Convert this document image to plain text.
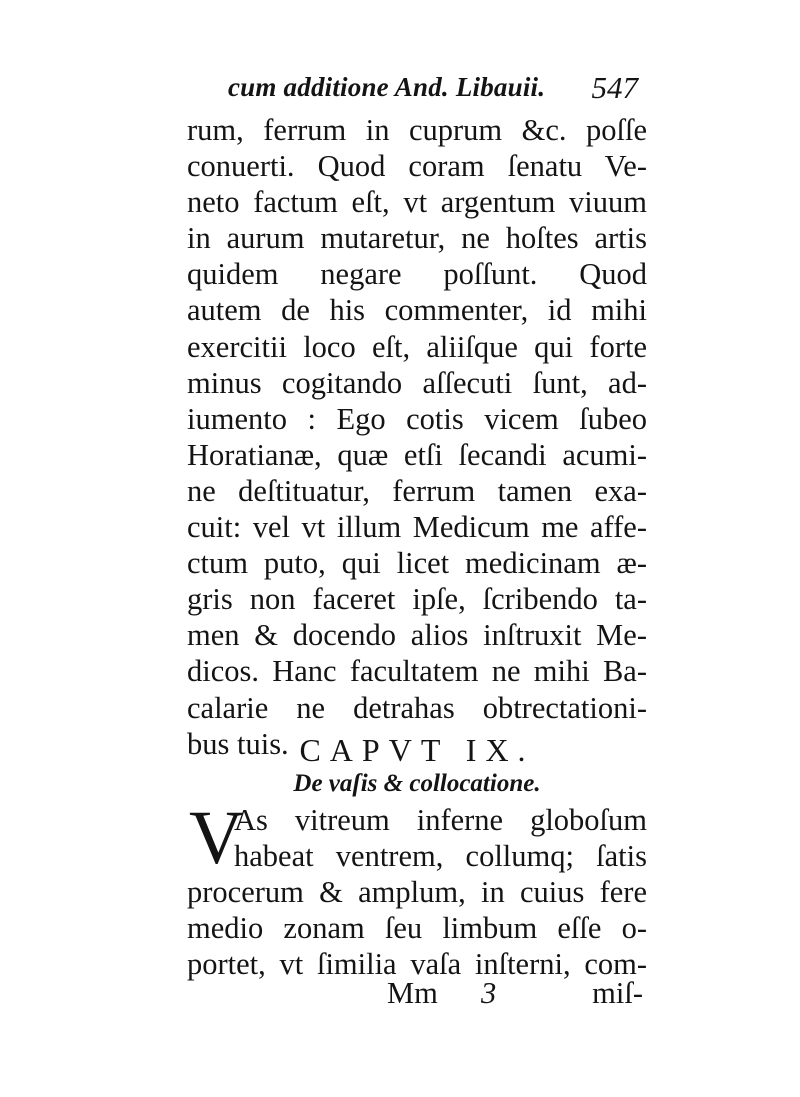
cum additione And. Libauii. 547
rum, ferrum in cuprum &c. poſſe
conuerti. Quod coram ſenatu Ve-
neto factum eſt, vt argentum viuum
in aurum mutaretur, ne hoſtes artis
quidem negare poſſunt. Quod
autem de his commenter, id mihi
exercitii loco eſt, aliiſque qui forte
minus cogitando aſſecuti ſunt, ad-
iumento : Ego cotis vicem ſubeo
Horatianæ, quæ etſi ſecandi acumi-
ne deſtituatur, ferrum tamen exa-
cuit: vel vt illum Medicum me affe-
ctum puto, qui licet medicinam æ-
gris non faceret ipſe, ſcribendo ta-
men & docendo alios inſtruxit Me-
dicos. Hanc facultatem ne mihi Ba-
calarie ne detrahas obtrectationi-
bus tuis. CAPVT IX.
De vaſis & collocatione.
V
As vitreum inferne globoſum
habeat ventrem, collumq; ſatis
procerum & amplum, in cuius fere
medio zonam ſeu limbum eſſe o-
portet, vt ſimilia vaſa inſterni, com-
Mm 3	miſ-
